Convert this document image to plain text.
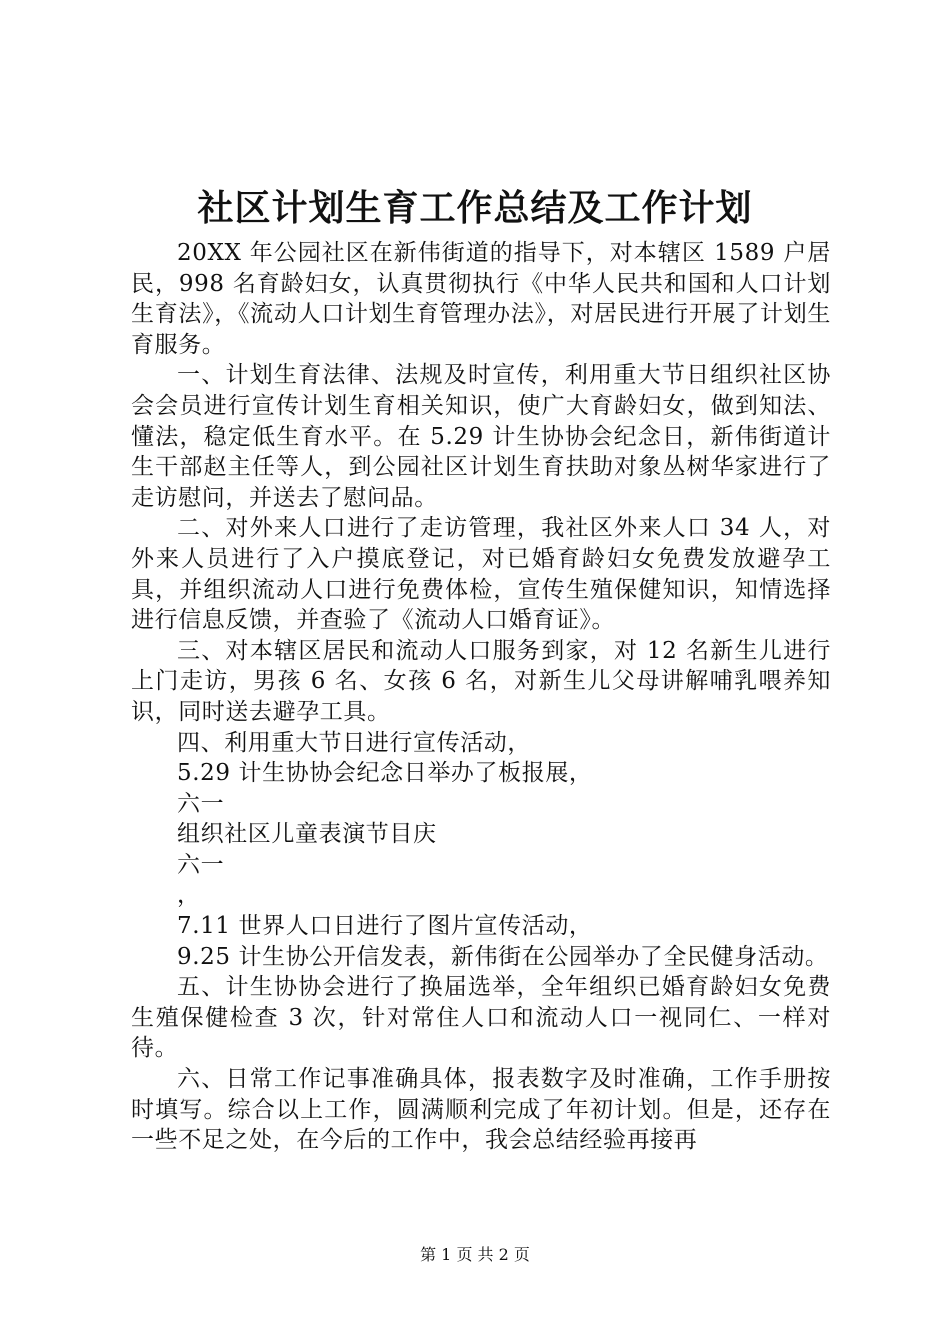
社区计划生育工作总结及工作计划

20XX 年公园社区在新伟街道的指导下，对本辖区 1589 户居民，998 名育龄妇女，认真贯彻执行《中华人民共和国和人口计划生育法》，《流动人口计划生育管理办法》，对居民进行开展了计划生育服务。

一、计划生育法律、法规及时宣传，利用重大节日组织社区协会会员进行宣传计划生育相关知识，使广大育龄妇女，做到知法、懂法，稳定低生育水平。在 5.29 计生协协会纪念日，新伟街道计生干部赵主任等人，到公园社区计划生育扶助对象丛树华家进行了走访慰问，并送去了慰问品。

二、对外来人口进行了走访管理，我社区外来人口 34 人，对外来人员进行了入户摸底登记，对已婚育龄妇女免费发放避孕工具，并组织流动人口进行免费体检，宣传生殖保健知识，知情选择进行信息反馈，并查验了《流动人口婚育证》。

三、对本辖区居民和流动人口服务到家，对 12 名新生儿进行上门走访，男孩 6 名、女孩 6 名，对新生儿父母讲解哺乳喂养知识，同时送去避孕工具。

四、利用重大节日进行宣传活动，

5.29 计生协协会纪念日举办了板报展，

六一

组织社区儿童表演节目庆

六一

，

7.11 世界人口日进行了图片宣传活动，

9.25 计生协公开信发表，新伟街在公园举办了全民健身活动。

五、计生协协会进行了换届选举，全年组织已婚育龄妇女免费生殖保健检查 3 次，针对常住人口和流动人口一视同仁、一样对待。

六、日常工作记事准确具体，报表数字及时准确，工作手册按时填写。综合以上工作，圆满顺利完成了年初计划。但是，还存在一些不足之处，在今后的工作中，我会总结经验再接再

第 1 页 共 2 页
